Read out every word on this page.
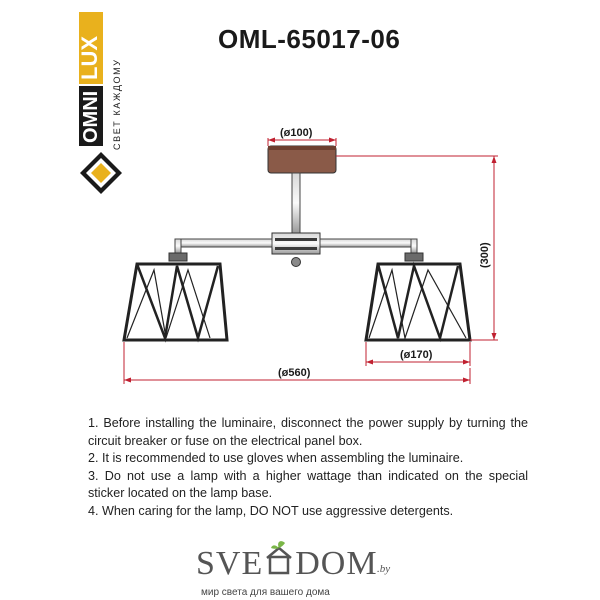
OMNI
LUX
СВЕТ КАЖДОМУ
OML-65017-06
(ø100)
(300)
(ø170)
(ø560)

1. Before installing the luminaire, disconnect the power supply by turning the circuit breaker or fuse on the electrical panel box.

2. It is recommended to use gloves when assembling the luminaire.

3. Do not use a lamp with a higher wattage than indicated on the special sticker located on the lamp base.

4. When caring for the lamp, DO NOT use aggressive detergents.

SVE DOM .by
мир света для вашего дома
